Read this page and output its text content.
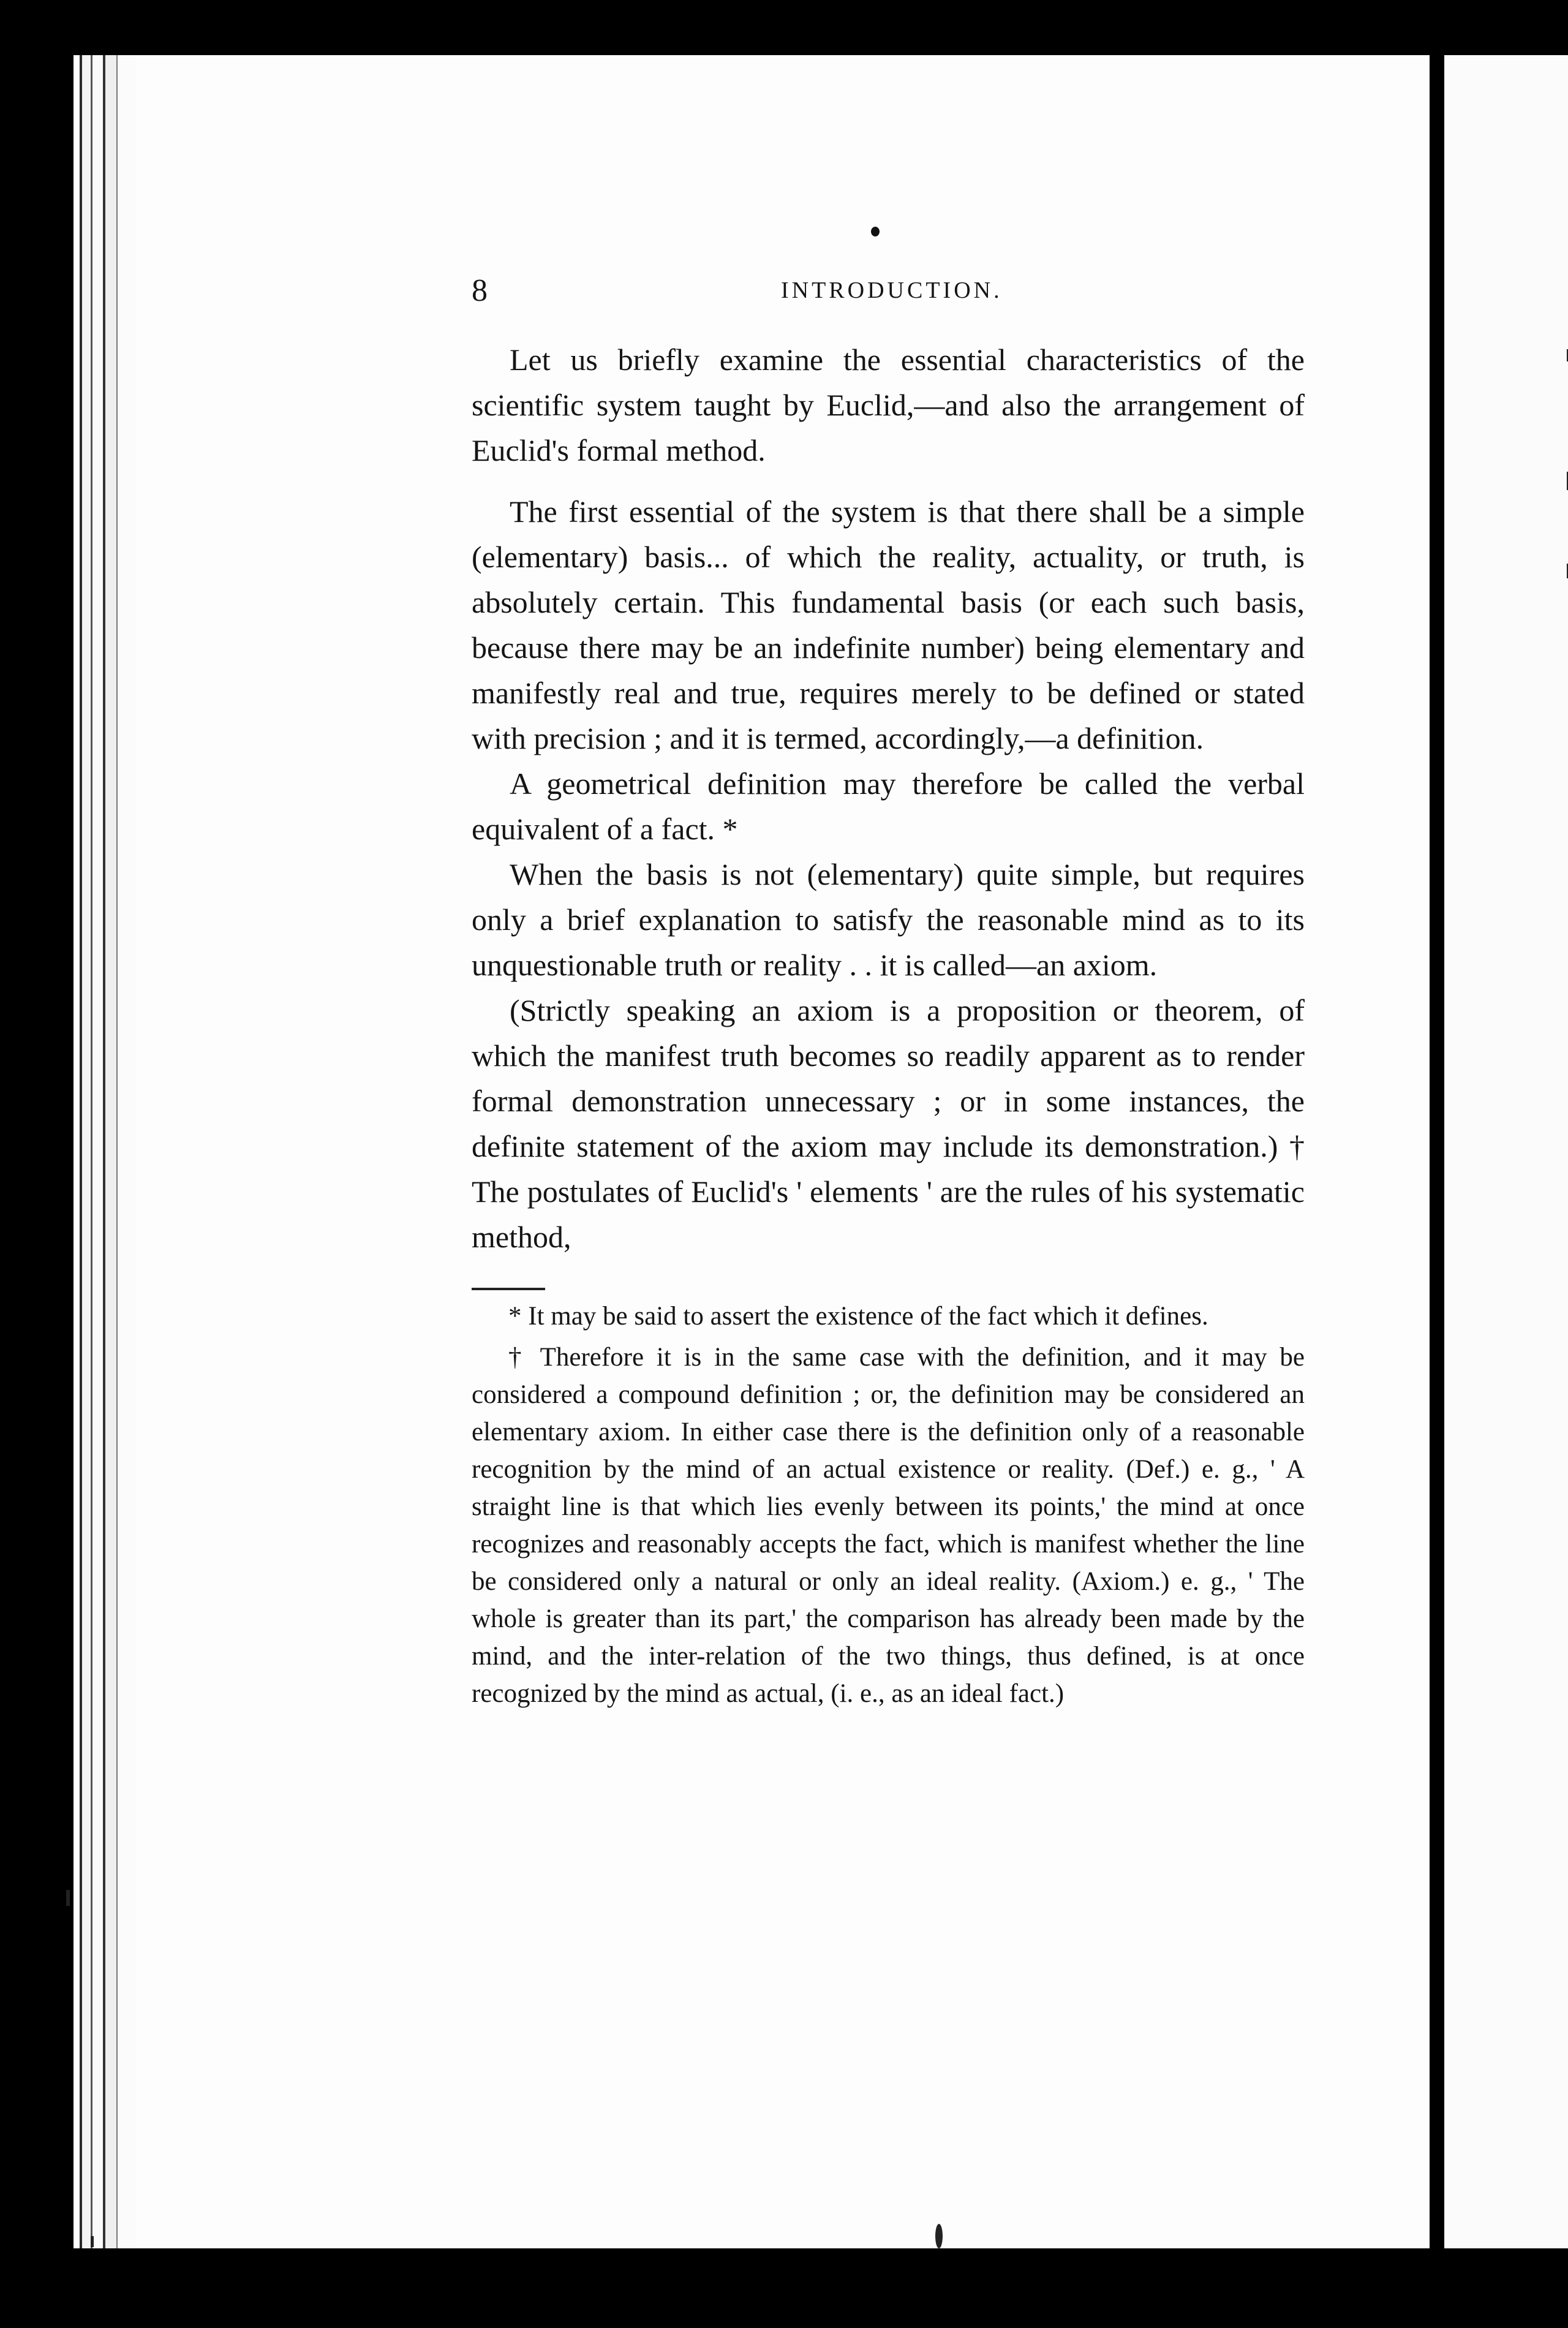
8	INTRODUCTION.

Let us briefly examine the essential characteristics of the scientific system taught by Euclid,—and also the arrangement of Euclid's formal method.

The first essential of the system is that there shall be a simple (elementary) basis... of which the reality, actuality, or truth, is absolutely certain. This fundamental basis (or each such basis, because there may be an indefinite number) being elementary and manifestly real and true, requires merely to be defined or stated with precision ; and it is termed, accordingly,—a definition.

A geometrical definition may therefore be called the verbal equivalent of a fact. *

When the basis is not (elementary) quite simple, but requires only a brief explanation to satisfy the reasonable mind as to its unquestionable truth or reality . . it is called—an axiom.

(Strictly speaking an axiom is a proposition or theorem, of which the manifest truth becomes so readily apparent as to render formal demonstration unnecessary ; or in some instances, the definite statement of the axiom may include its demonstration.) † The postulates of Euclid's ' elements ' are the rules of his systematic method,

* It may be said to assert the existence of the fact which it defines.

† Therefore it is in the same case with the definition, and it may be considered a compound definition ; or, the definition may be considered an elementary axiom. In either case there is the definition only of a reasonable recognition by the mind of an actual existence or reality. (Def.) e. g., ' A straight line is that which lies evenly between its points,' the mind at once recognizes and reasonably accepts the fact, which is manifest whether the line be considered only a natural or only an ideal reality. (Axiom.) e. g., ' The whole is greater than its part,' the comparison has already been made by the mind, and the inter-relation of the two things, thus defined, is at once recognized by the mind as actual, (i. e., as an ideal fact.)
